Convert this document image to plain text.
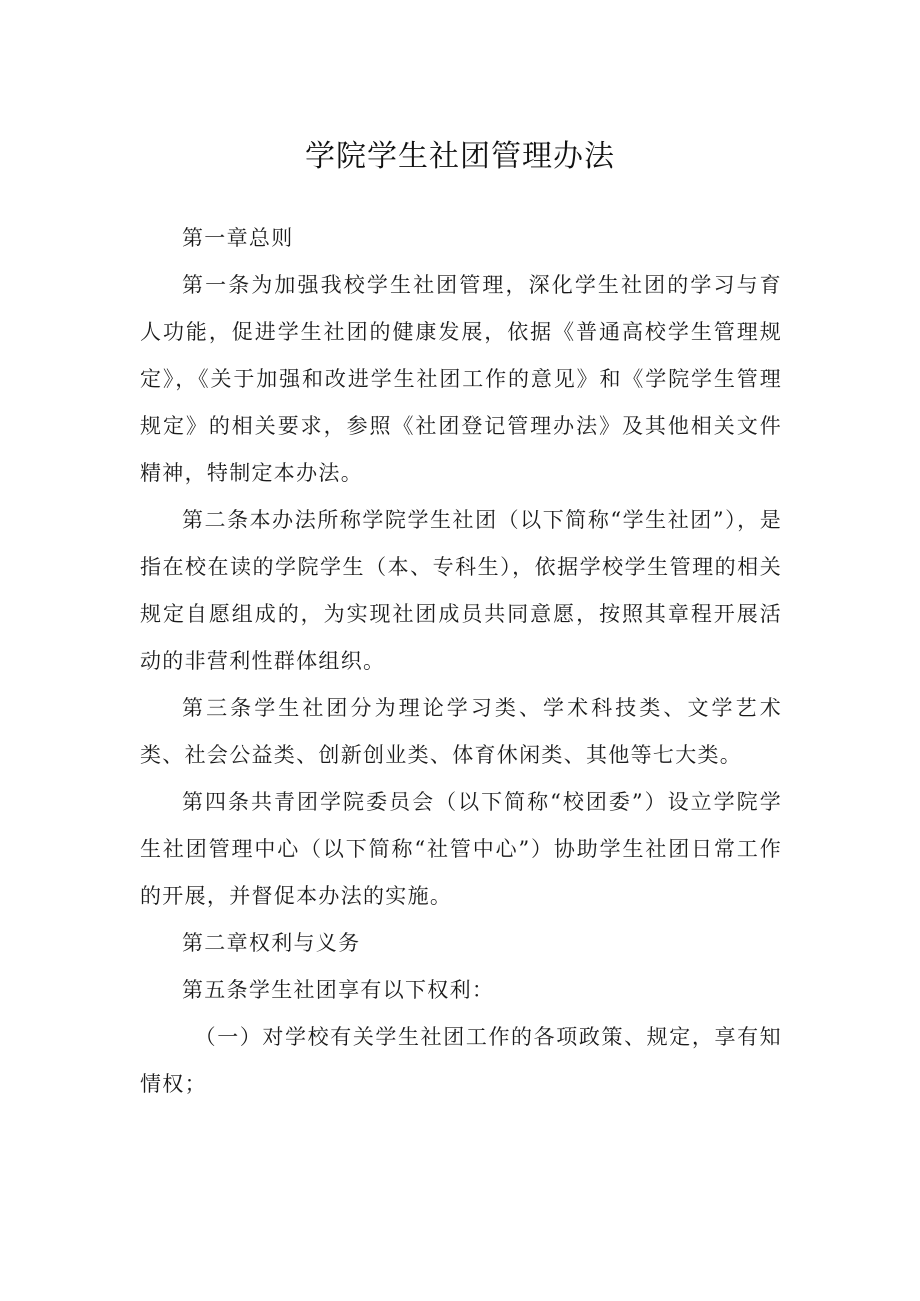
学院学生社团管理办法

第一章总则

第一条为加强我校学生社团管理，深化学生社团的学习与育人功能，促进学生社团的健康发展，依据《普通高校学生管理规定》，《关于加强和改进学生社团工作的意见》和《学院学生管理规定》的相关要求，参照《社团登记管理办法》及其他相关文件精神，特制定本办法。

第二条本办法所称学院学生社团（以下简称“学生社团”），是指在校在读的学院学生（本、专科生），依据学校学生管理的相关规定自愿组成的，为实现社团成员共同意愿，按照其章程开展活动的非营利性群体组织。

第三条学生社团分为理论学习类、学术科技类、文学艺术类、社会公益类、创新创业类、体育休闲类、其他等七大类。

第四条共青团学院委员会（以下简称“校团委”）设立学院学生社团管理中心（以下简称“社管中心”）协助学生社团日常工作的开展，并督促本办法的实施。

第二章权利与义务

第五条学生社团享有以下权利：

（一）对学校有关学生社团工作的各项政策、规定，享有知情权；
